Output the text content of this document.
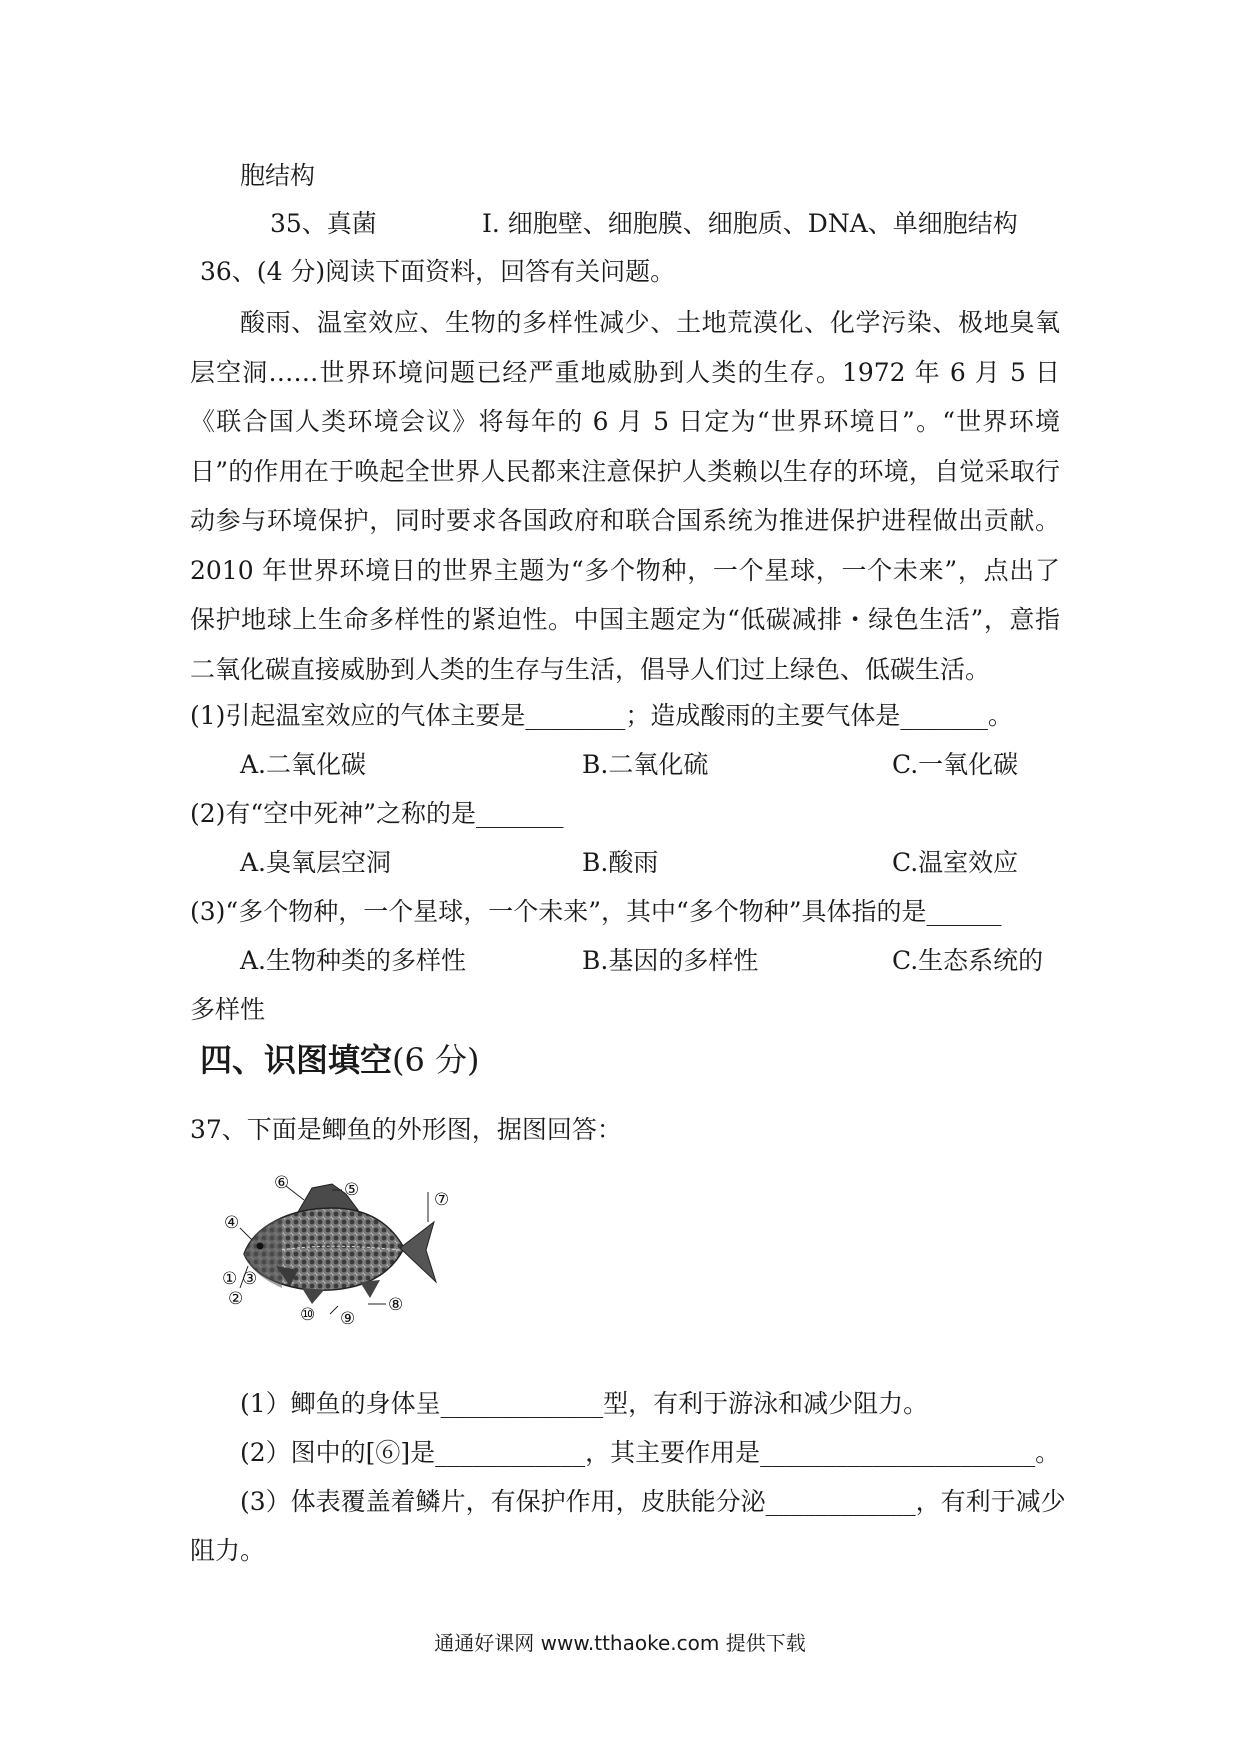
胞结构
35、真菌	I. 细胞壁、细胞膜、细胞质、DNA、单细胞结构
36、(4 分)阅读下面资料，回答有关问题。
酸雨、温室效应、生物的多样性减少、土地荒漠化、化学污染、极地臭氧层空洞……世界环境问题已经严重地威胁到人类的生存。1972 年 6 月 5 日《联合国人类环境会议》将每年的 6 月 5 日定为“世界环境日”。“世界环境日”的作用在于唤起全世界人民都来注意保护人类赖以生存的环境，自觉采取行动参与环境保护，同时要求各国政府和联合国系统为推进保护进程做出贡献。2010 年世界环境日的世界主题为“多个物种，一个星球，一个未来”，点出了保护地球上生命多样性的紧迫性。中国主题定为“低碳减排・绿色生活”，意指二氧化碳直接威胁到人类的生存与生活，倡导人们过上绿色、低碳生活。
(1)引起温室效应的气体主要是________；造成酸雨的主要气体是_______。
A.二氧化碳	B.二氧化硫	C.一氧化碳
(2)有“空中死神”之称的是_______
A.臭氧层空洞	B.酸雨	C.温室效应
(3)“多个物种，一个星球，一个未来”，其中“多个物种”具体指的是______
A.生物种类的多样性	B.基因的多样性	C.生态系统的
多样性
四、识图填空(6 分)
37、下面是鲫鱼的外形图，据图回答：
⑥	⑤	⑦
④
① ③
②	⑧
⑩ ⑨
(1）鲫鱼的身体呈_____________型，有利于游泳和减少阻力。
(2）图中的[⑥]是____________，其主要作用是______________________。
(3）体表覆盖着鳞片，有保护作用，皮肤能分泌____________，有利于减少
阻力。
通通好课网 www.tthaoke.com 提供下载
